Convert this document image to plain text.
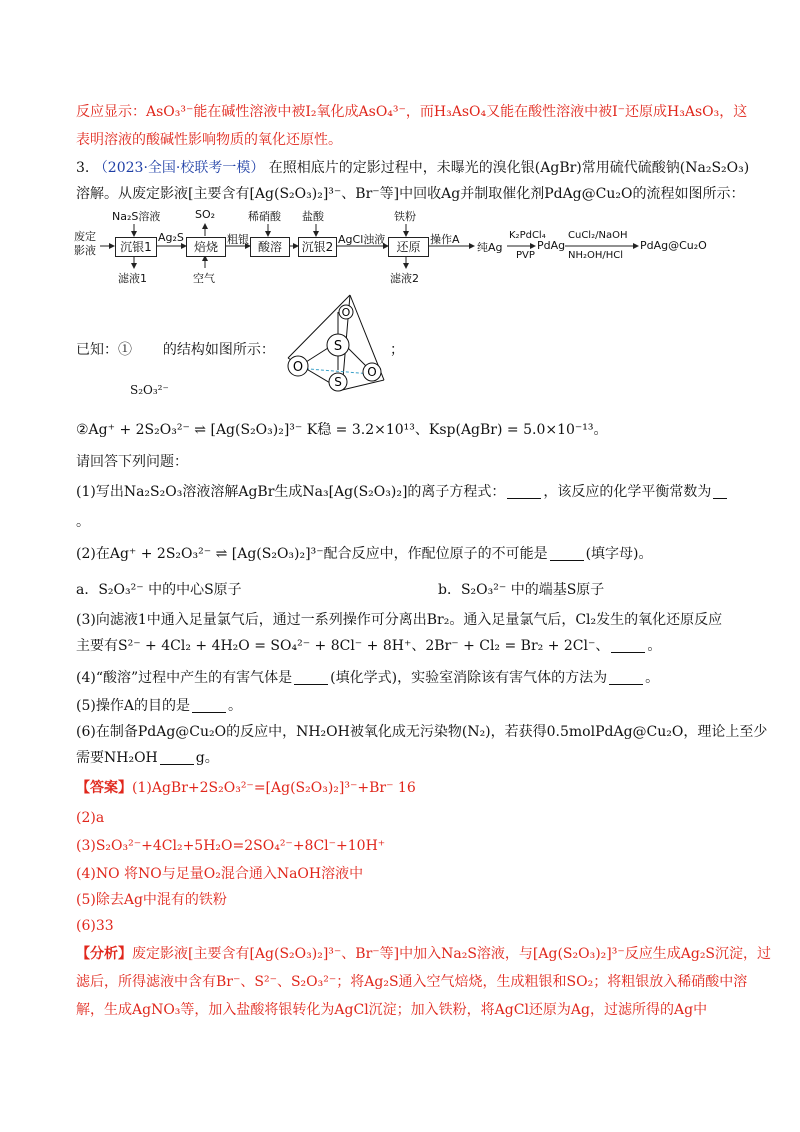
反应显示：AsO₃³⁻能在碱性溶液中被I₂氧化成AsO₄³⁻，而H₃AsO₄又能在酸性溶液中被I⁻还原成H₃AsO₃，这
表明溶液的酸碱性影响物质的氧化还原性。
3. （2023·全国·校联考一模） 在照相底片的定影过程中，未曝光的溴化银(AgBr)常用硫代硫酸钠(Na₂S₂O₃)
溶解。从废定影液[主要含有[Ag(S₂O₃)₂]³⁻、Br⁻等]中回收Ag并制取催化剂PdAg@Cu₂O的流程如图所示：
废定
影液	沉银1	焙烧	酸溶	沉银2	还原
Na₂S溶液	SO₂	稀硝酸 盐酸	铁粉
Ag₂S	粗银	AgCl浊液	操作A
滤液1	空气	滤液2
纯Ag
K₂PdCl₄
PVP
PdAg
CuCl₂/NaOH
NH₂OH/HCl
PdAg@Cu₂O
已知：① 的结构如图所示：
S₂O₃²⁻
O
S
O	O
S
；
②Ag⁺ + 2S₂O₃²⁻ ⇌ [Ag(S₂O₃)₂]³⁻ K稳 = 3.2×10¹³、Ksp(AgBr) = 5.0×10⁻¹³。
请回答下列问题：
(1)写出Na₂S₂O₃溶液溶解AgBr生成Na₃[Ag(S₂O₃)₂]的离子方程式：	，该反应的化学平衡常数为
。
(2)在Ag⁺ + 2S₂O₃²⁻ ⇌ [Ag(S₂O₃)₂]³⁻配合反应中，作配位原子的不可能是	(填字母)。
a．S₂O₃²⁻ 中的中心S原子	b．S₂O₃²⁻ 中的端基S原子
(3)向滤液1中通入足量氯气后，通过一系列操作可分离出Br₂。通入足量氯气后，Cl₂发生的氧化还原反应
主要有S²⁻ + 4Cl₂ + 4H₂O = SO₄²⁻ + 8Cl⁻ + 8H⁺、2Br⁻ + Cl₂ = Br₂ + 2Cl⁻、	。
(4)“酸溶”过程中产生的有害气体是	(填化学式)，实验室消除该有害气体的方法为	。
(5)操作A的目的是	。
(6)在制备PdAg@Cu₂O的反应中，NH₂OH被氧化成无污染物(N₂)，若获得0.5molPdAg@Cu₂O，理论上至少
需要NH₂OH	g。
【答案】(1)AgBr+2S₂O₃²⁻=[Ag(S₂O₃)₂]³⁻+Br⁻ 16
(2)a
(3)S₂O₃²⁻+4Cl₂+5H₂O=2SO₄²⁻+8Cl⁻+10H⁺
(4)NO 将NO与足量O₂混合通入NaOH溶液中
(5)除去Ag中混有的铁粉
(6)33
【分析】废定影液[主要含有[Ag(S₂O₃)₂]³⁻、Br⁻等]中加入Na₂S溶液，与[Ag(S₂O₃)₂]³⁻反应生成Ag₂S沉淀，过
滤后，所得滤液中含有Br⁻、S²⁻、S₂O₃²⁻；将Ag₂S通入空气焙烧，生成粗银和SO₂；将粗银放入稀硝酸中溶
解，生成AgNO₃等，加入盐酸将银转化为AgCl沉淀；加入铁粉，将AgCl还原为Ag，过滤所得的Ag中
